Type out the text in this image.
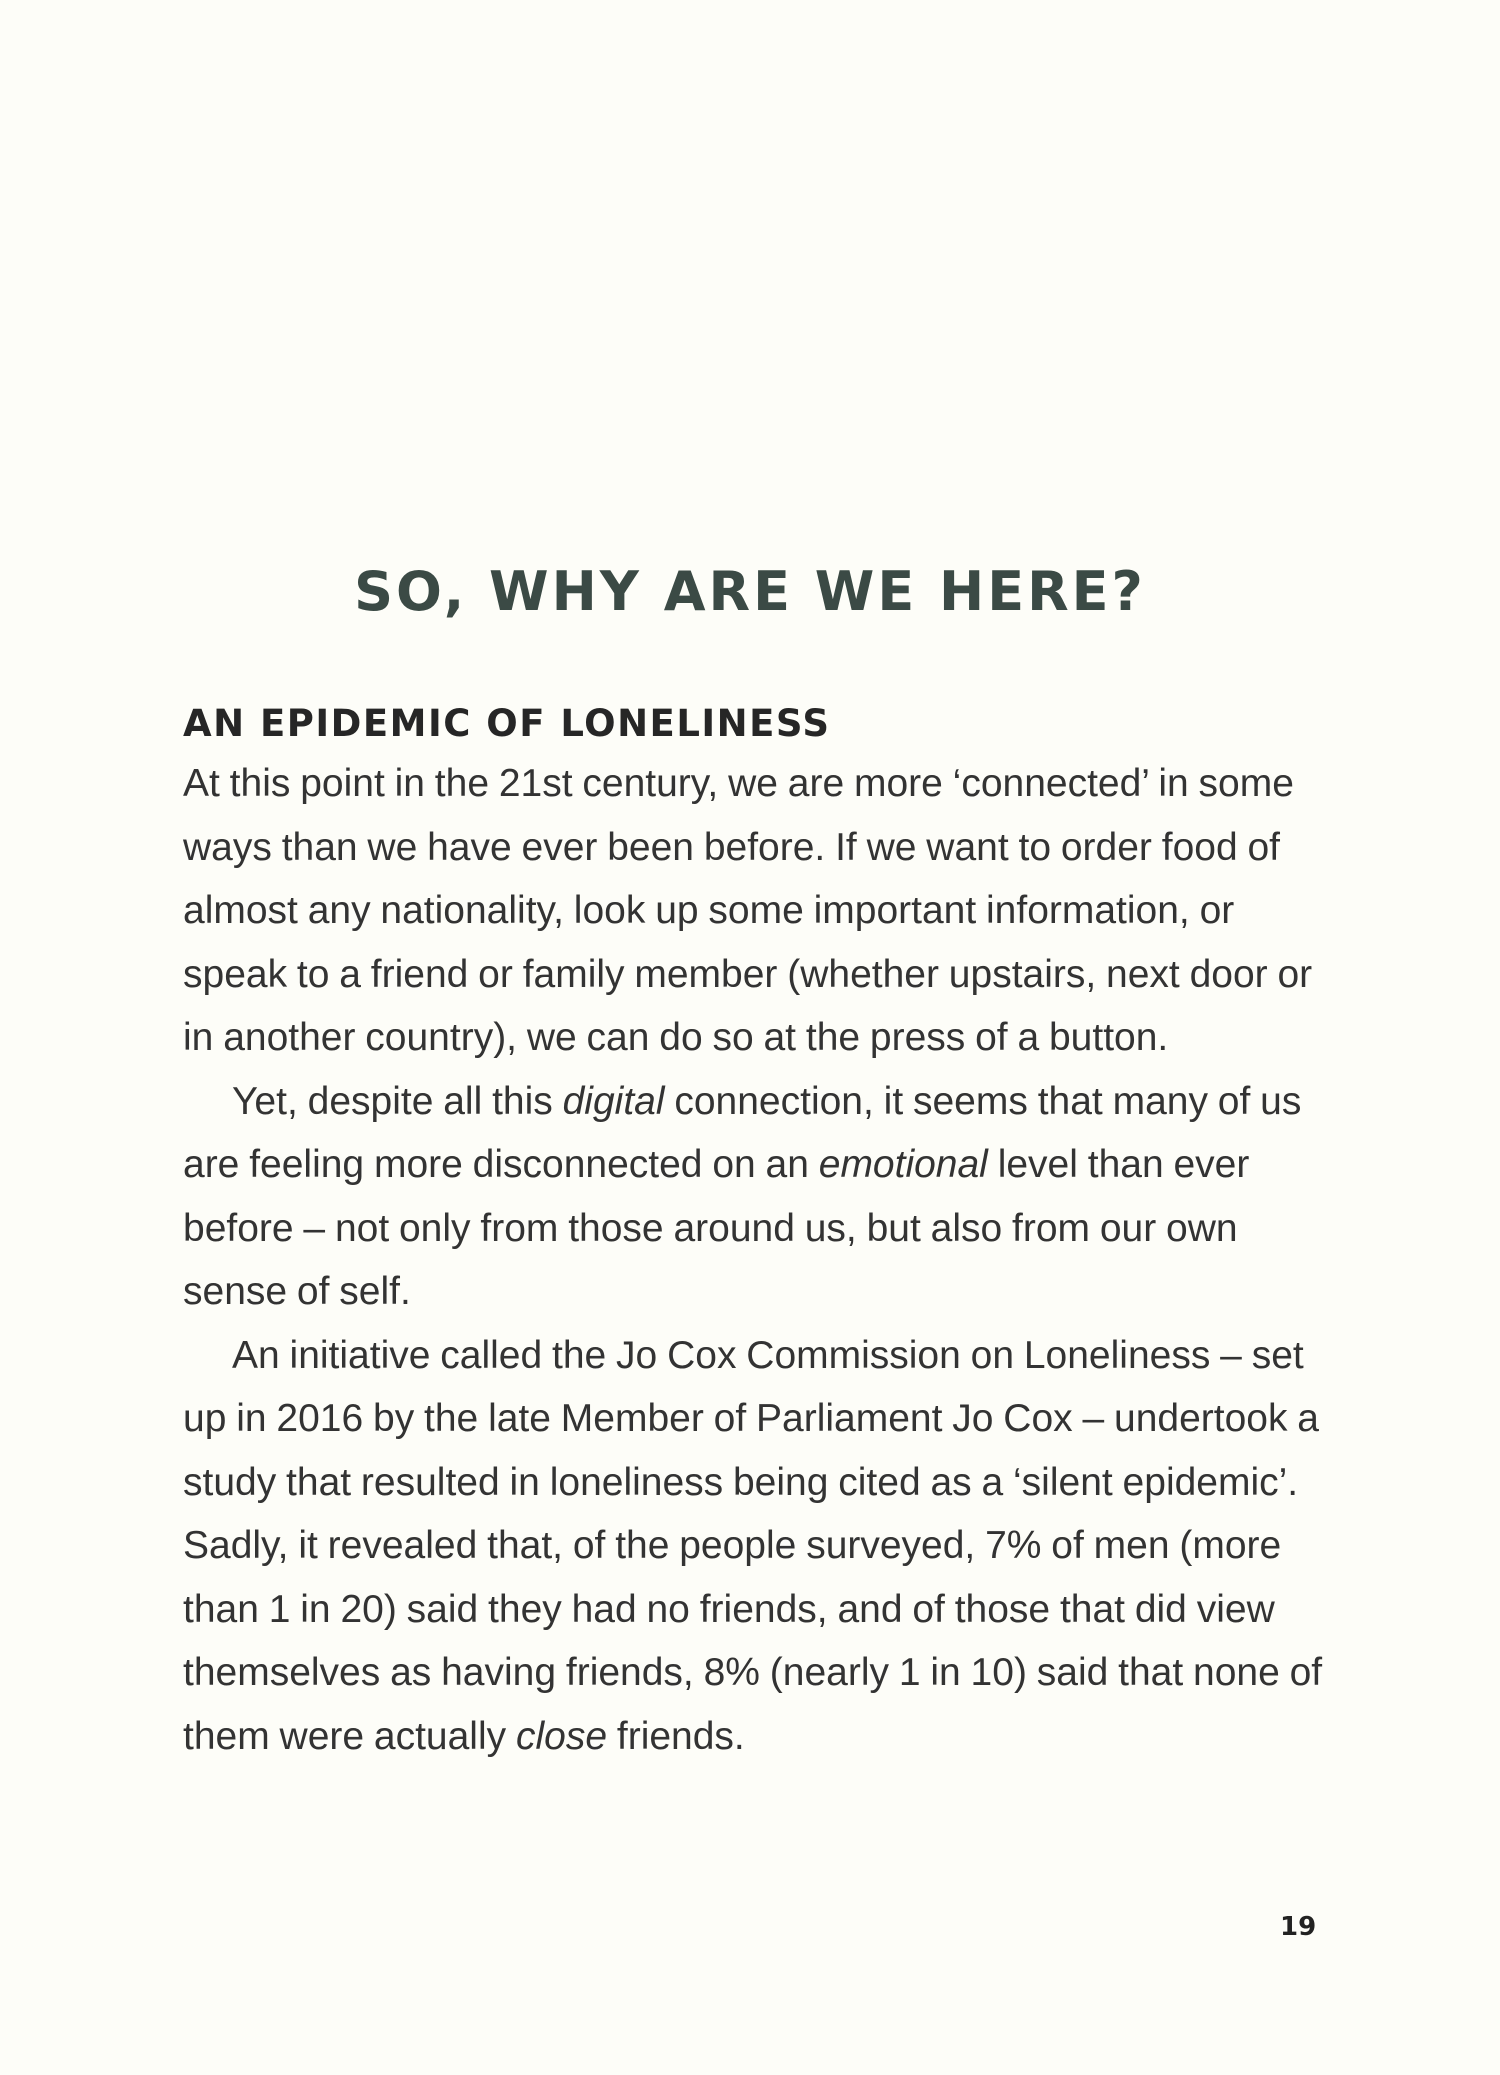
SO, WHY ARE WE HERE?
AN EPIDEMIC OF LONELINESS

At this point in the 21st century, we are more ‘connected’ in some ways than we have ever been before. If we want to order food of almost any nationality, look up some important information, or speak to a friend or family member (whether upstairs, next door or in another country), we can do so at the press of a button.

Yet, despite all this digital connection, it seems that many of us are feeling more disconnected on an emotional level than ever before – not only from those around us, but also from our own sense of self.

An initiative called the Jo Cox Commission on Loneliness – set up in 2016 by the late Member of Parliament Jo Cox – undertook a study that resulted in loneliness being cited as a ‘silent epidemic’. Sadly, it revealed that, of the people surveyed, 7% of men (more than 1 in 20) said they had no friends, and of those that did view themselves as having friends, 8% (nearly 1 in 10) said that none of them were actually close friends.

19
